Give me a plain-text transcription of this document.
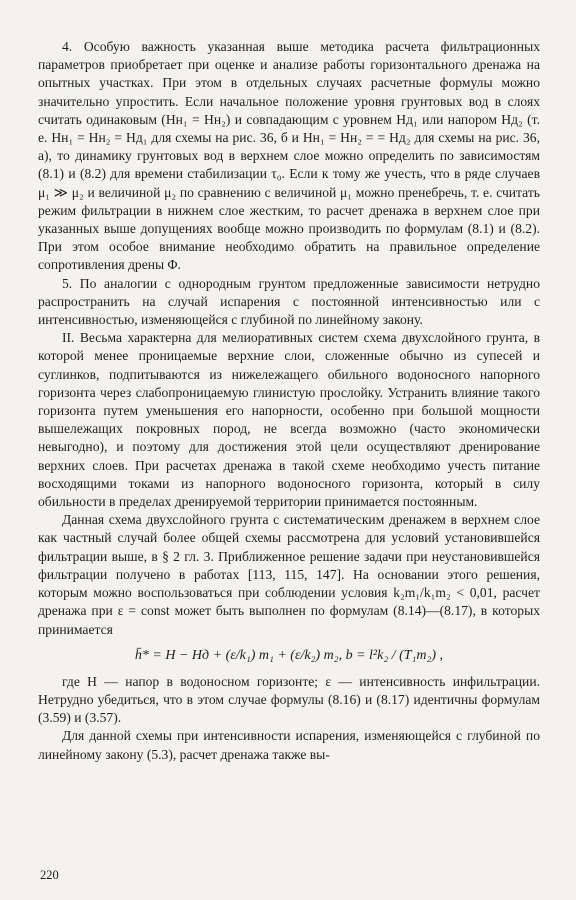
4. Особую важность указанная выше методика расчета фильтрационных параметров приобретает при оценке и анализе работы горизонтального дренажа на опытных участках. При этом в отдельных случаях расчетные формулы можно значительно упростить. Если начальное положение уровня грунтовых вод в слоях считать одинаковым (Hн₁ = Hн₂) и совпадающим с уровнем Hд₁ или напором Hд₂ (т. е. Hн₁ = Hн₂ = Hд₁ для схемы на рис. 36, б и Hн₁ = Hн₂ = = Hд₂ для схемы на рис. 36, а), то динамику грунтовых вод в верхнем слое можно определить по зависимостям (8.1) и (8.2) для времени стабилизации τ₀. Если к тому же учесть, что в ряде случаев μ₁ ≫ μ₂ и величиной μ₂ по сравнению с величиной μ₁ можно пренебречь, т. е. считать режим фильтрации в нижнем слое жестким, то расчет дренажа в верхнем слое при указанных выше допущениях вообще можно производить по формулам (8.1) и (8.2). При этом особое внимание необходимо обратить на правильное определение сопротивления дрены Φ.

5. По аналогии с однородным грунтом предложенные зависимости нетрудно распространить на случай испарения с постоянной интенсивностью или с интенсивностью, изменяющейся с глубиной по линейному закону.

II. Весьма характерна для мелиоративных систем схема двухслойного грунта, в которой менее проницаемые верхние слои, сложенные обычно из супесей и суглинков, подпитываются из нижележащего обильного водоносного напорного горизонта через слабопроницаемую глинистую прослойку. Устранить влияние такого горизонта путем уменьшения его напорности, особенно при большой мощности вышележащих покровных пород, не всегда возможно (часто экономически невыгодно), и поэтому для достижения этой цели осуществляют дренирование верхних слоев. При расчетах дренажа в такой схеме необходимо учесть питание восходящими токами из напорного водоносного горизонта, который в силу обильности в пределах дренируемой территории принимается постоянным.

Данная схема двухслойного грунта с систематическим дренажем в верхнем слое как частный случай более общей схемы рассмотрена для условий установившейся фильтрации выше, в § 2 гл. 3. Приближенное решение задачи при неустановившейся фильтрации получено в работах [113, 115, 147]. На основании этого решения, которым можно воспользоваться при соблюдении условия k₂m₁/k₁m₂ < 0,01, расчет дренажа при ε = const может быть выполнен по формулам (8.14)—(8.17), в которых принимается

h̄* = H − Hд + (ε/k₁) m₁ + (ε/k₂) m₂, b = l²k₂ / (T₁m₂) ,

где H — напор в водоносном горизонте; ε — интенсивность инфильтрации. Нетрудно убедиться, что в этом случае формулы (8.16) и (8.17) идентичны формулам (3.59) и (3.57).

Для данной схемы при интенсивности испарения, изменяющейся с глубиной по линейному закону (5.3), расчет дренажа также вы-

220
